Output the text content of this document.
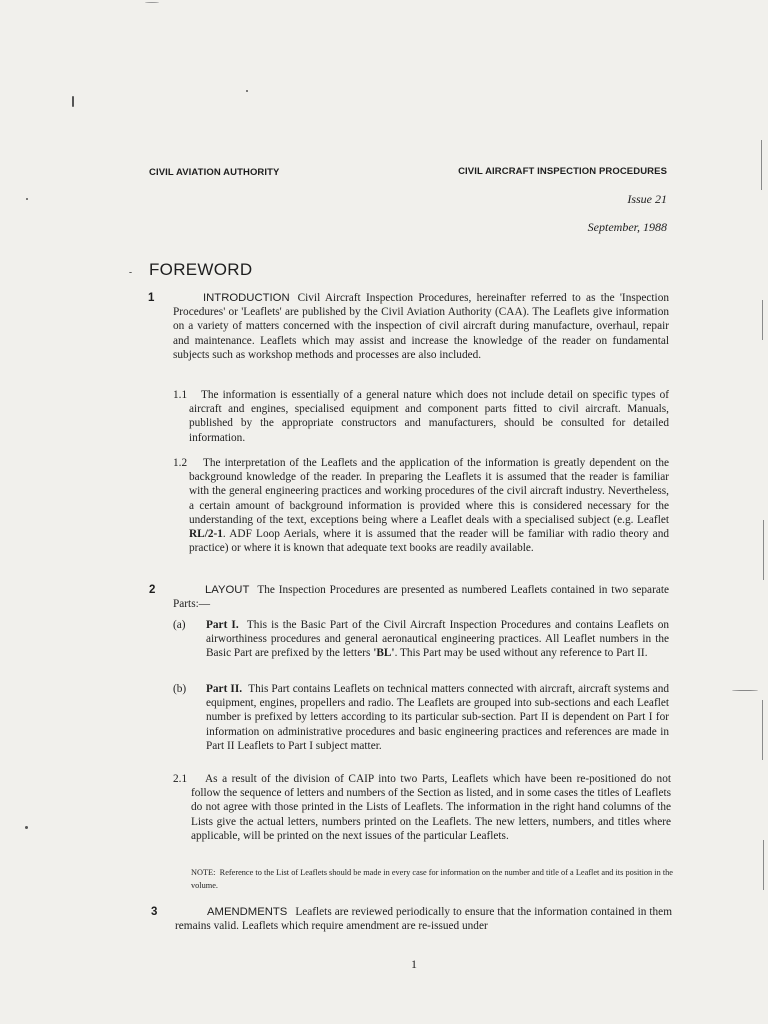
CIVIL AVIATION AUTHORITY	CIVIL AIRCRAFT INSPECTION PROCEDURES
Issue 21
September, 1988
FOREWORD
1	INTRODUCTION Civil Aircraft Inspection Procedures, hereinafter referred to as the 'Inspection Procedures' or 'Leaflets' are published by the Civil Aviation Authority (CAA). The Leaflets give information on a variety of matters concerned with the inspection of civil aircraft during manufacture, overhaul, repair and maintenance. Leaflets which may assist and increase the knowledge of the reader on fundamental subjects such as workshop methods and processes are also included.

1.1 The information is essentially of a general nature which does not include detail on specific types of aircraft and engines, specialised equipment and component parts fitted to civil aircraft. Manuals, published by the appropriate constructors and manufacturers, should be consulted for detailed information.

1.2 The interpretation of the Leaflets and the application of the information is greatly dependent on the background knowledge of the reader. In preparing the Leaflets it is assumed that the reader is familiar with the general engineering practices and working procedures of the civil aircraft industry. Nevertheless, a certain amount of background information is provided where this is considered necessary for the understanding of the text, exceptions being where a Leaflet deals with a specialised subject (e.g. Leaflet RL/2-1. ADF Loop Aerials, where it is assumed that the reader will be familiar with radio theory and practice) or where it is known that adequate text books are readily available.

2	LAYOUT The Inspection Procedures are presented as numbered Leaflets contained in two separate Parts:—

(a) Part I. This is the Basic Part of the Civil Aircraft Inspection Procedures and contains Leaflets on airworthiness procedures and general aeronautical engineering practices. All Leaflet numbers in the Basic Part are prefixed by the letters 'BL'. This Part may be used without any reference to Part II.

(b) Part II. This Part contains Leaflets on technical matters connected with aircraft, aircraft systems and equipment, engines, propellers and radio. The Leaflets are grouped into sub-sections and each Leaflet number is prefixed by letters according to its particular sub-section. Part II is dependent on Part I for information on administrative procedures and basic engineering practices and references are made in Part II Leaflets to Part I subject matter.

2.1 As a result of the division of CAIP into two Parts, Leaflets which have been re-positioned do not follow the sequence of letters and numbers of the Section as listed, and in some cases the titles of Leaflets do not agree with those printed in the Lists of Leaflets. The information in the right hand columns of the Lists give the actual letters, numbers printed on the Leaflets. The new letters, numbers, and titles where applicable, will be printed on the next issues of the particular Leaflets.

NOTE: Reference to the List of Leaflets should be made in every case for information on the number and title of a Leaflet and its position in the volume.

3	AMENDMENTS Leaflets are reviewed periodically to ensure that the information contained in them remains valid. Leaflets which require amendment are re-issued under

1
